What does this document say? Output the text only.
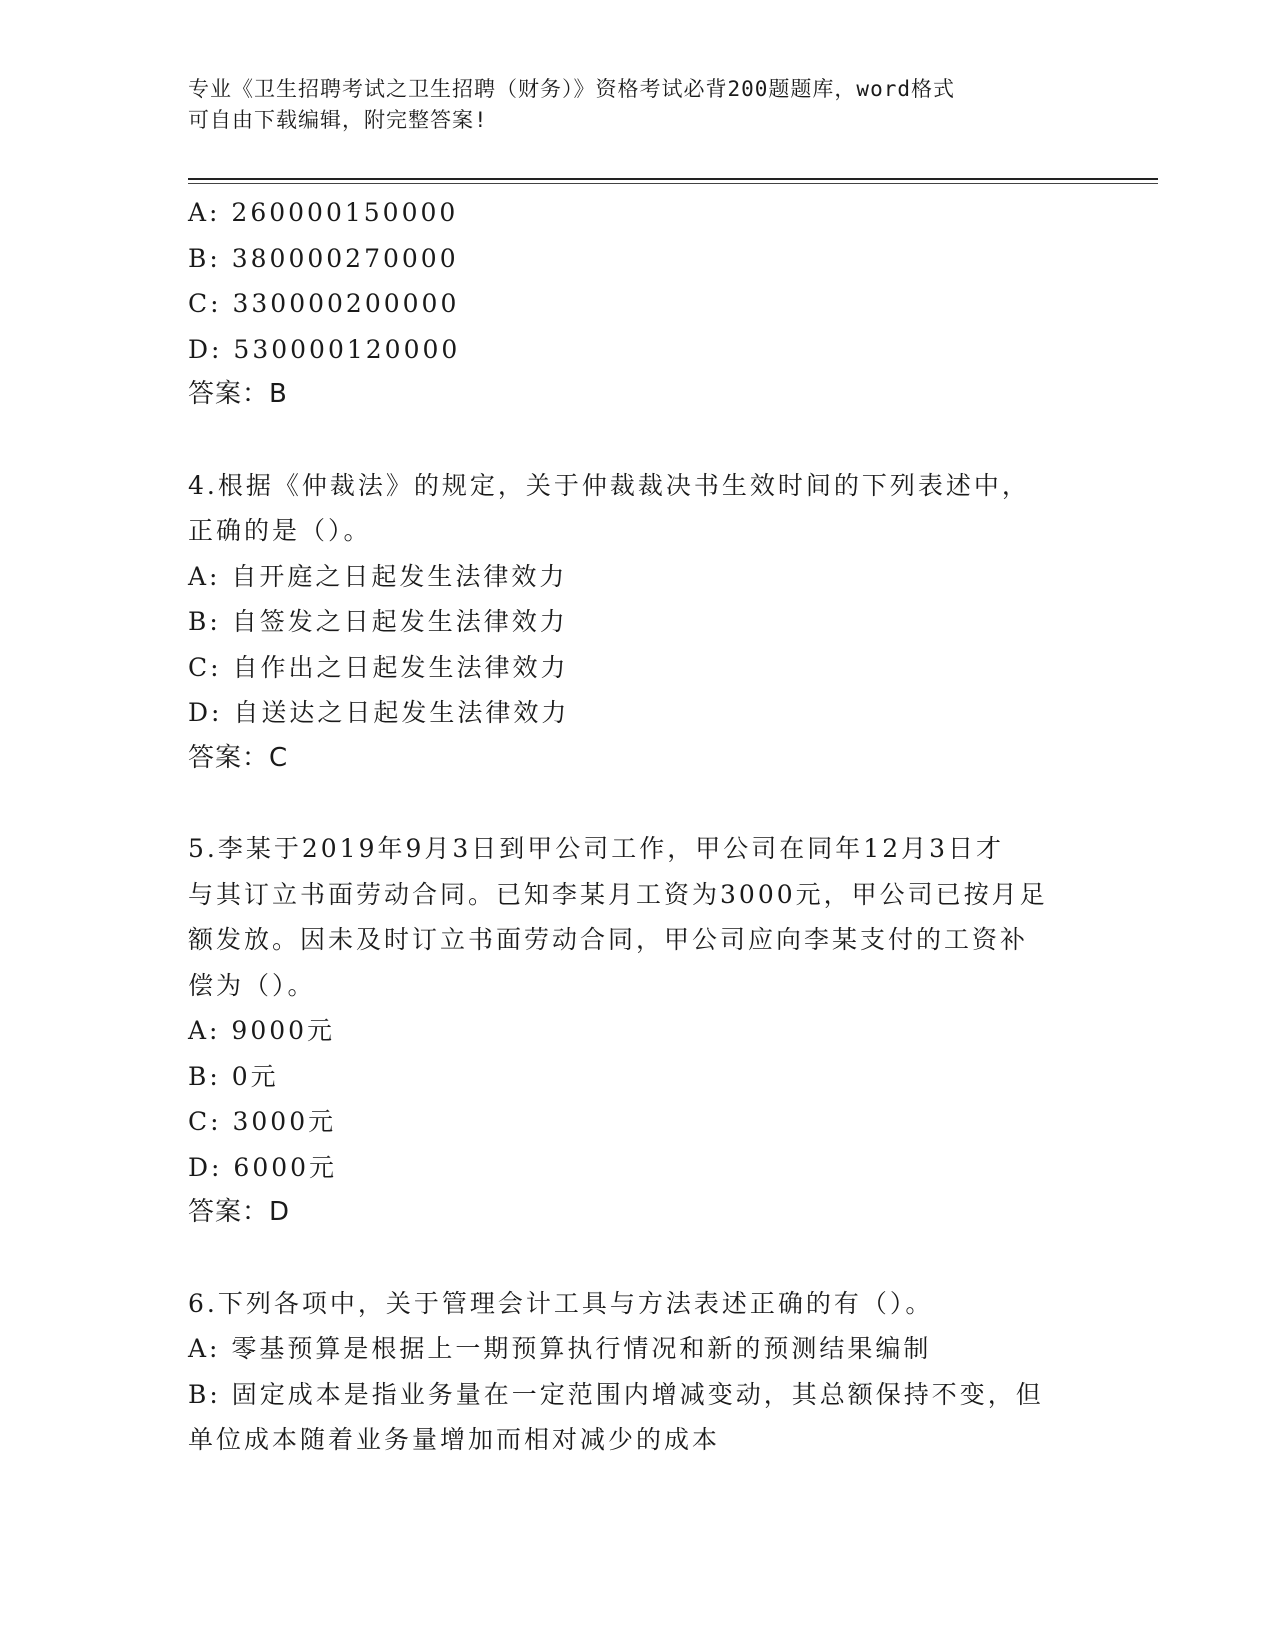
专业《卫生招聘考试之卫生招聘（财务）》资格考试必背200题题库，word格式
可自由下载编辑，附完整答案!
A: 260000150000
B: 380000270000
C: 330000200000
D: 530000120000
答案：B
4.根据《仲裁法》的规定，关于仲裁裁决书生效时间的下列表述中，
正确的是（）。
A: 自开庭之日起发生法律效力
B: 自签发之日起发生法律效力
C: 自作出之日起发生法律效力
D: 自送达之日起发生法律效力
答案：C
5.李某于2019年9月3日到甲公司工作，甲公司在同年12月3日才
与其订立书面劳动合同。已知李某月工资为3000元，甲公司已按月足
额发放。因未及时订立书面劳动合同，甲公司应向李某支付的工资补
偿为（）。
A: 9000元
B: 0元
C: 3000元
D: 6000元
答案：D
6.下列各项中，关于管理会计工具与方法表述正确的有（）。
A: 零基预算是根据上一期预算执行情况和新的预测结果编制
B: 固定成本是指业务量在一定范围内增减变动，其总额保持不变，但
单位成本随着业务量增加而相对减少的成本
